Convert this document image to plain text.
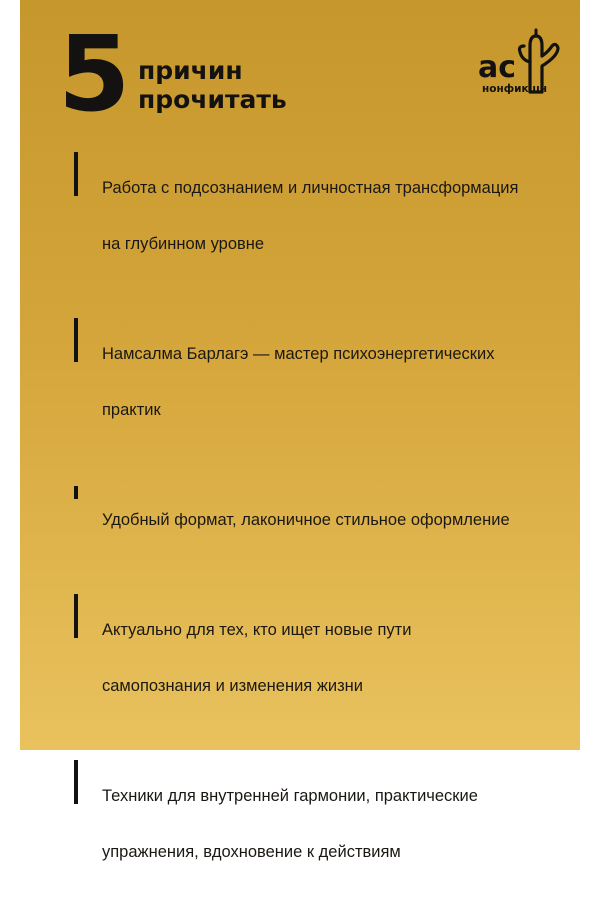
5 причин
прочитать
ас
нонфикшн

Работа с подсознанием и личностная трансформация

на глубинном уровне

Намсалма Барлагэ — мастер психоэнергетических

практик

Удобный формат, лаконичное стильное оформление

Актуально для тех, кто ищет новые пути

самопознания и изменения жизни

Техники для внутренней гармонии, практические

упражнения, вдохновение к действиям
